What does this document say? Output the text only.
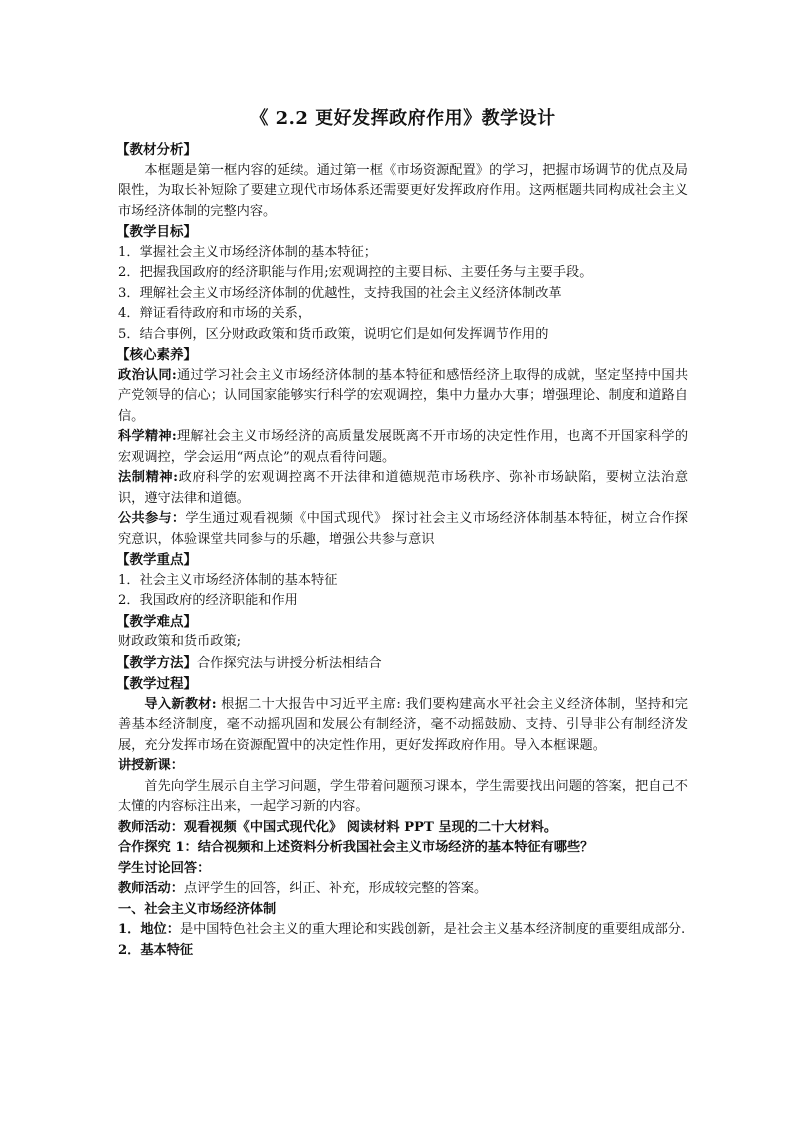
《 2.2 更好发挥政府作用》教学设计
【教材分析】

本框题是第一框内容的延续。通过第一框《市场资源配置》的学习，把握市场调节的优点及局限性，为取长补短除了要建立现代市场体系还需要更好发挥政府作用。这两框题共同构成社会主义市场经济体制的完整内容。

【教学目标】

1．掌握社会主义市场经济体制的基本特征；

2．把握我国政府的经济职能与作用;宏观调控的主要目标、主要任务与主要手段。

3．理解社会主义市场经济体制的优越性，支持我国的社会主义经济体制改革

4．辩证看待政府和市场的关系，

5．结合事例，区分财政政策和货币政策，说明它们是如何发挥调节作用的

【核心素养】

政治认同:通过学习社会主义市场经济体制的基本特征和感悟经济上取得的成就，坚定坚持中国共产党领导的信心；认同国家能够实行科学的宏观调控，集中力量办大事；增强理论、制度和道路自信。

科学精神:理解社会主义市场经济的高质量发展既离不开市场的决定性作用，也离不开国家科学的宏观调控，学会运用“两点论”的观点看待问题。

法制精神:政府科学的宏观调控离不开法律和道德规范市场秩序、弥补市场缺陷，要树立法治意识，遵守法律和道德。

公共参与：学生通过观看视频《中国式现代》 探讨社会主义市场经济体制基本特征，树立合作探究意识，体验课堂共同参与的乐趣，增强公共参与意识

【教学重点】

1．社会主义市场经济体制的基本特征

2．我国政府的经济职能和作用

【教学难点】

财政政策和货币政策;

【教学方法】合作探究法与讲授分析法相结合

【教学过程】

导入新教材: 根据二十大报告中习近平主席: 我们要构建高水平社会主义经济体制，坚持和完善基本经济制度，毫不动摇巩固和发展公有制经济，毫不动摇鼓励、支持、引导非公有制经济发展，充分发挥市场在资源配置中的决定性作用，更好发挥政府作用。导入本框课题。

讲授新课：

首先向学生展示自主学习问题，学生带着问题预习课本，学生需要找出问题的答案，把自己不太懂的内容标注出来，一起学习新的内容。

教师活动：观看视频《中国式现代化》 阅读材料 PPT 呈现的二十大材料。
合作探究 1：结合视频和上述资料分析我国社会主义市场经济的基本特征有哪些？
学生讨论回答：

教师活动：点评学生的回答，纠正、补充，形成较完整的答案。

一、社会主义市场经济体制

1．地位：是中国特色社会主义的重大理论和实践创新，是社会主义基本经济制度的重要组成部分.

2．基本特征
